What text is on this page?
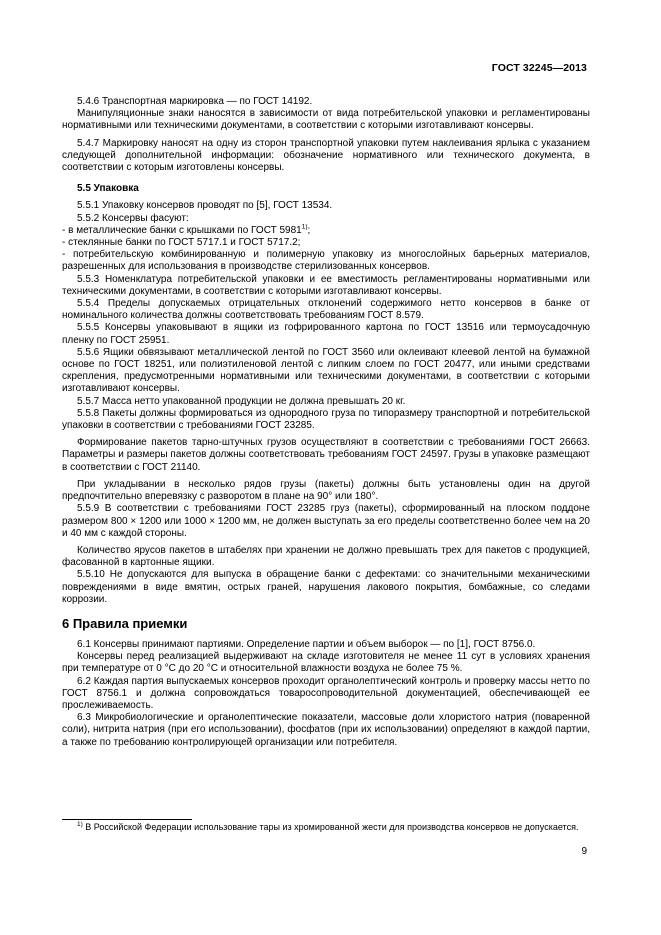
ГОСТ 32245—2013

5.4.6 Транспортная маркировка — по ГОСТ 14192.

Манипуляционные знаки наносятся в зависимости от вида потребительской упаковки и регламентированы нормативными или техническими документами, в соответствии с которыми изготавливают консервы.

5.4.7 Маркировку наносят на одну из сторон транспортной упаковки путем наклеивания ярлыка с указанием следующей дополнительной информации: обозначение нормативного или технического документа, в соответствии с которым изготовлены консервы.

5.5 Упаковка

5.5.1 Упаковку консервов проводят по [5], ГОСТ 13534.

5.5.2 Консервы фасуют:

- в металлические банки с крышками по ГОСТ 5981$^{1)}$;

- стеклянные банки по ГОСТ 5717.1 и ГОСТ 5717.2;

- потребительскую комбинированную и полимерную упаковку из многослойных барьерных материалов, разрешенных для использования в производстве стерилизованных консервов.

5.5.3 Номенклатура потребительской упаковки и ее вместимость регламентированы нормативными или техническими документами, в соответствии с которыми изготавливают консервы.

5.5.4 Пределы допускаемых отрицательных отклонений содержимого нетто консервов в банке от номинального количества должны соответствовать требованиям ГОСТ 8.579.

5.5.5 Консервы упаковывают в ящики из гофрированного картона по ГОСТ 13516 или термоусадочную пленку по ГОСТ 25951.

5.5.6 Ящики обвязывают металлической лентой по ГОСТ 3560 или оклеивают клеевой лентой на бумажной основе по ГОСТ 18251, или полиэтиленовой лентой с липким слоем по ГОСТ 20477, или иными средствами скрепления, предусмотренными нормативными или техническими документами, в соответствии с которыми изготавливают консервы.

5.5.7 Масса нетто упакованной продукции не должна превышать 20 кг.

5.5.8 Пакеты должны формироваться из однородного груза по типоразмеру транспортной и потребительской упаковки в соответствии с требованиями ГОСТ 23285.

Формирование пакетов тарно-штучных грузов осуществляют в соответствии с требованиями ГОСТ 26663. Параметры и размеры пакетов должны соответствовать требованиям ГОСТ 24597. Грузы в упаковке размещают в соответствии с ГОСТ 21140.

При укладывании в несколько рядов грузы (пакеты) должны быть установлены один на другой предпочтительно вперевязку с разворотом в плане на 90° или 180°.

5.5.9 В соответствии с требованиями ГОСТ 23285 груз (пакеты), сформированный на плоском поддоне размером 800 × 1200 или 1000 × 1200 мм, не должен выступать за его пределы соответственно более чем на 20 и 40 мм с каждой стороны.

Количество ярусов пакетов в штабелях при хранении не должно превышать трех для пакетов с продукцией, фасованной в картонные ящики.

5.5.10 Не допускаются для выпуска в обращение банки с дефектами: со значительными механическими повреждениями в виде вмятин, острых граней, нарушения лакового покрытия, бомбажные, со следами коррозии.

6 Правила приемки

6.1 Консервы принимают партиями. Определение партии и объем выборок — по [1], ГОСТ 8756.0.

Консервы перед реализацией выдерживают на складе изготовителя не менее 11 сут в условиях хранения при температуре от 0 °С до 20 °С и относительной влажности воздуха не более 75 %.

6.2 Каждая партия выпускаемых консервов проходит органолептический контроль и проверку массы нетто по ГОСТ 8756.1 и должна сопровождаться товаросопроводительной документацией, обеспечивающей ее прослеживаемость.

6.3 Микробиологические и органолептические показатели, массовые доли хлористого натрия (поваренной соли), нитрита натрия (при его использовании), фосфатов (при их использовании) определяют в каждой партии, а также по требованию контролирующей организации или потребителя.

$^{1)}$ В Российской Федерации использование тары из хромированной жести для производства консервов не допускается.
9
